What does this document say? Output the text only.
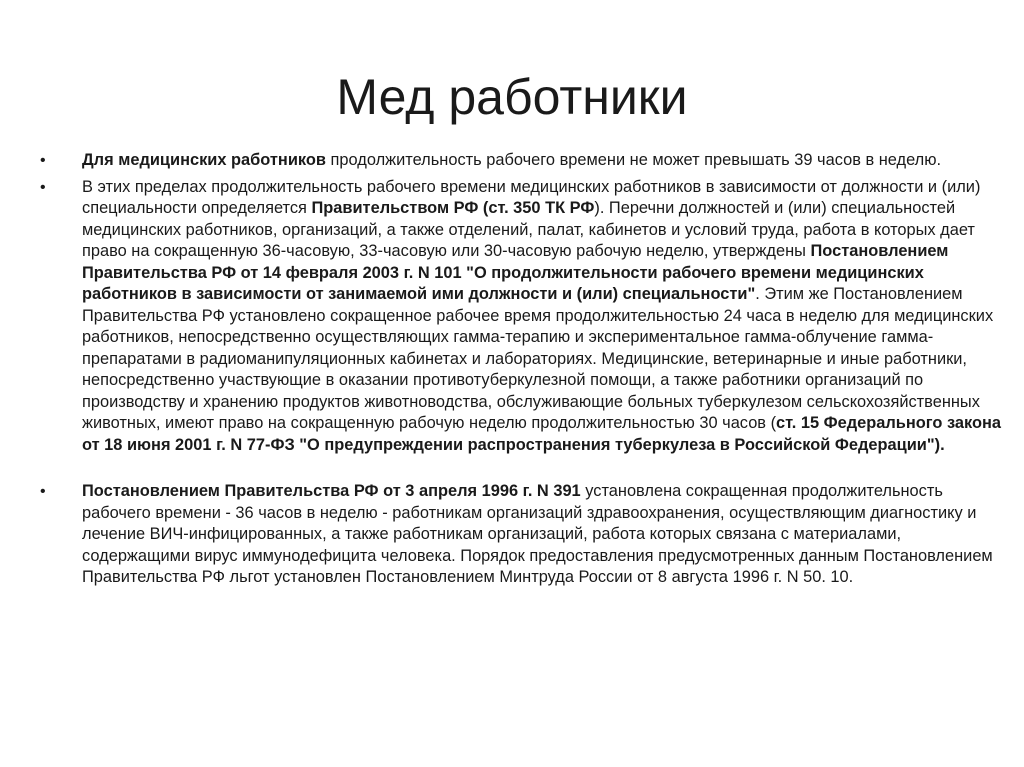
Мед работники
•	Для медицинских работников продолжительность рабочего времени не может превышать 39 часов в неделю.
•	В этих пределах продолжительность рабочего времени медицинских работников в зависимости от должности и (или) специальности определяется Правительством РФ (ст. 350 ТК РФ). Перечни должностей и (или) специальностей медицинских работников, организаций, а также отделений, палат, кабинетов и условий труда, работа в которых дает право на сокращенную 36-часовую, 33-часовую или 30-часовую рабочую неделю, утверждены Постановлением Правительства РФ от 14 февраля 2003 г. N 101 "О продолжительности рабочего времени медицинских работников в зависимости от занимаемой ими должности и (или) специальности". Этим же Постановлением Правительства РФ установлено сокращенное рабочее время продолжительностью 24 часа в неделю для медицинских работников, непосредственно осуществляющих гамма-терапию и экспериментальное гамма-облучение гамма-препаратами в радиоманипуляционных кабинетах и лабораториях. Медицинские, ветеринарные и иные работники, непосредственно участвующие в оказании противотуберкулезной помощи, а также работники организаций по производству и хранению продуктов животноводства, обслуживающие больных туберкулезом сельскохозяйственных животных, имеют право на сокращенную рабочую неделю продолжительностью 30 часов (ст. 15 Федерального закона от 18 июня 2001 г. N 77-ФЗ "О предупреждении распространения туберкулеза в Российской Федерации").
•	Постановлением Правительства РФ от 3 апреля 1996 г. N 391 установлена сокращенная продолжительность рабочего времени - 36 часов в неделю - работникам организаций здравоохранения, осуществляющим диагностику и лечение ВИЧ-инфицированных, а также работникам организаций, работа которых связана с материалами, содержащими вирус иммунодефицита человека. Порядок предоставления предусмотренных данным Постановлением Правительства РФ льгот установлен Постановлением Минтруда России от 8 августа 1996 г. N 50. 10.
